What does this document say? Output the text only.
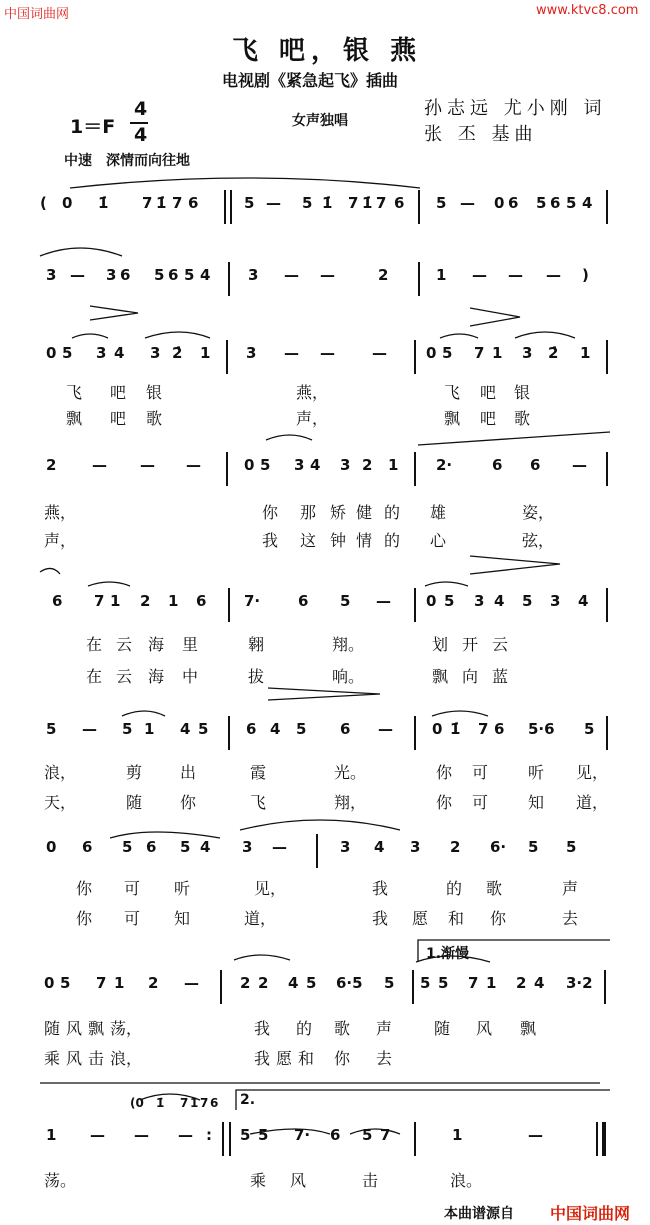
中国词曲网	www.ktvc8.com
飞 吧，银 燕
电视剧《紧急起飞》插曲
1＝F
4
4
女声独唱
孙志远 尤小刚 词
张 丕 基曲
中速　深情而向往地
1.渐慢
2.
( 0 1̇ 7 1̇ 7 6	5 — 5 1̇ 7 1̇ 7 6 5 — 0 6 5 6 5 4
3 — 3 6 5 6 5 4	3 — —	2	1 — — — )
0 5 3 4 3 2̇ 1 3 — — —	0 5 7 1 3 2̇ 1
飞 吧 银	燕，	飞 吧 银
飘 吧 歌	声，	飘 吧 歌
2 — — —	0 5 3 4 3 2 1	2·	6 6 —
燕，	你 那 矫 健 的 雄	姿，
声，	我 这 钟 情 的 心	弦，
6 7 1 2 1 6	7·	6 5 — 0 5 3 4 5 3 4
在 云 海 里	翱	翔。	划 开 云
在 云 海 中	拔	响。	飘 向 蓝
5 — 5 1 4 5	6 4 5 6 —	0 1̇ 7 6 5·6 5
浪，	剪 出	霞	光。	你 可 听 见，
天，	随 你	飞	翔，	你 可 知 道，
0 6 5 6 5 4 3 —	3 4 3 2 6· 5 5
你 可 听	见，	我	的 歌	声
你 可 知	道，	我 愿 和 你	去
0 5 7 1 2 —	2 2 4 5 6·5 5 5 5 7 1 2 4 3·2
随 风 飘 荡，	我 的 歌 声	随 风 飘
乘 风 击 浪，	我 愿 和 你 去
(0 1̇ 7 1̇ 7 6
1 — — — : 5 5 7· 6 5 7	1	—
荡。	乘 风	击	浪。
本曲谱源自 中国词曲网
